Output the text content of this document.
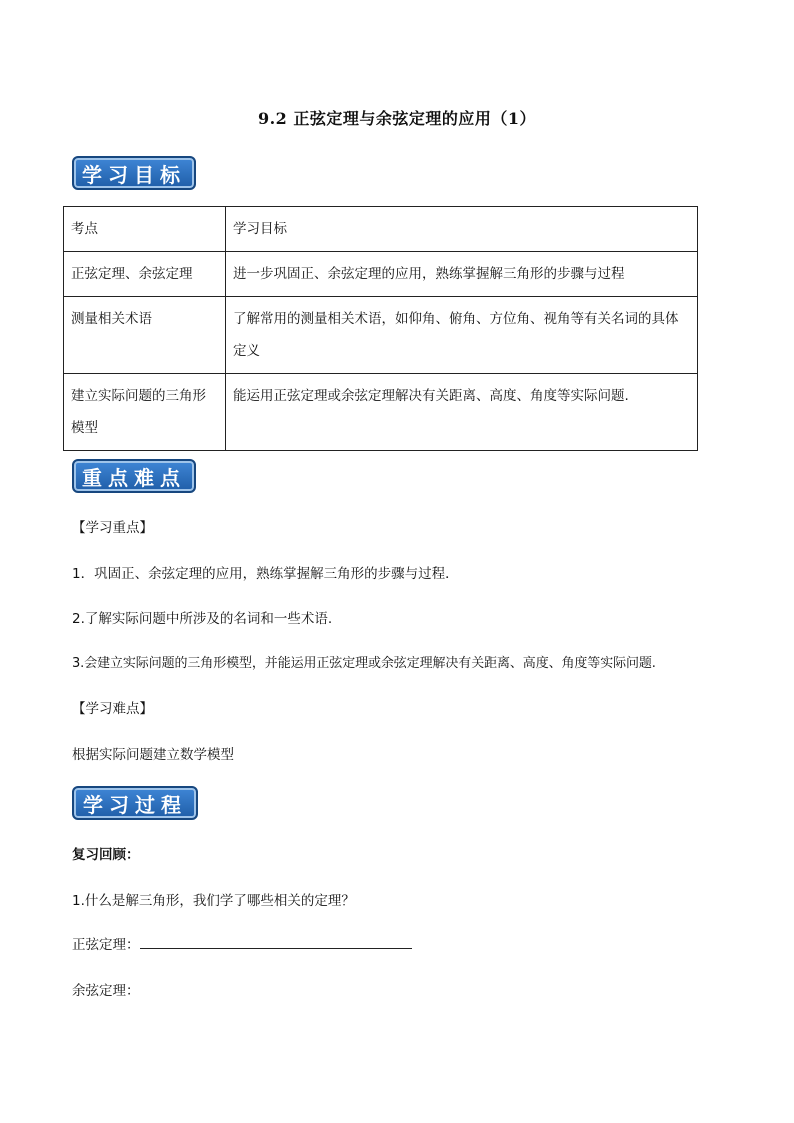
9.2 正弦定理与余弦定理的应用（1）
学习目标
考点	学习目标
正弦定理、余弦定理	进一步巩固正、余弦定理的应用，熟练掌握解三角形的步骤与过程
测量相关术语	了解常用的测量相关术语，如仰角、俯角、方位角、视角等有关名词的具体定义
建立实际问题的三角形模型	能运用正弦定理或余弦定理解决有关距离、高度、角度等实际问题.
重点难点
【学习重点】
1．巩固正、余弦定理的应用，熟练掌握解三角形的步骤与过程．
2.了解实际问题中所涉及的名词和一些术语.
3.会建立实际问题的三角形模型，并能运用正弦定理或余弦定理解决有关距离、高度、角度等实际问题.
【学习难点】
根据实际问题建立数学模型
学习过程
复习回顾：
1.什么是解三角形，我们学了哪些相关的定理？
正弦定理：
余弦定理：
